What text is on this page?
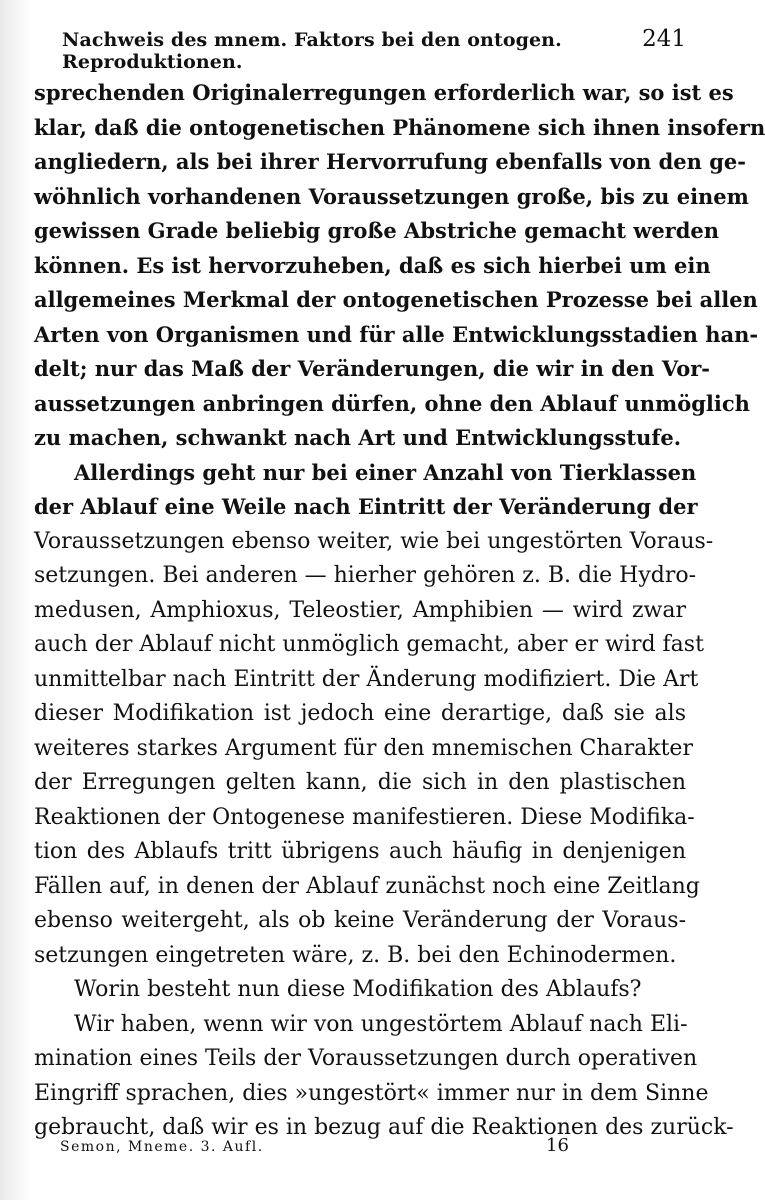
Nachweis des mnem. Faktors bei den ontogen. Reproduktionen.
241
sprechenden Originalerregungen erforderlich war, so ist es
klar, daß die ontogenetischen Phänomene sich ihnen insofern
angliedern, als bei ihrer Hervorrufung ebenfalls von den ge-
wöhnlich vorhandenen Voraussetzungen große, bis zu einem
gewissen Grade beliebig große Abstriche gemacht werden
können. Es ist hervorzuheben, daß es sich hierbei um ein
allgemeines Merkmal der ontogenetischen Prozesse bei allen
Arten von Organismen und für alle Entwicklungsstadien han-
delt; nur das Maß der Veränderungen, die wir in den Vor-
aussetzungen anbringen dürfen, ohne den Ablauf unmöglich
zu machen, schwankt nach Art und Entwicklungsstufe.
Allerdings geht nur bei einer Anzahl von Tierklassen
der Ablauf eine Weile nach Eintritt der Veränderung der
Voraussetzungen ebenso weiter, wie bei ungestörten Voraus-
setzungen. Bei anderen — hierher gehören z. B. die Hydro-
medusen, Amphioxus, Teleostier, Amphibien — wird zwar
auch der Ablauf nicht unmöglich gemacht, aber er wird fast
unmittelbar nach Eintritt der Änderung modifiziert. Die Art
dieser Modifikation ist jedoch eine derartige, daß sie als
weiteres starkes Argument für den mnemischen Charakter
der Erregungen gelten kann, die sich in den plastischen
Reaktionen der Ontogenese manifestieren. Diese Modifika-
tion des Ablaufs tritt übrigens auch häufig in denjenigen
Fällen auf, in denen der Ablauf zunächst noch eine Zeitlang
ebenso weitergeht, als ob keine Veränderung der Voraus-
setzungen eingetreten wäre, z. B. bei den Echinodermen.
Worin besteht nun diese Modifikation des Ablaufs?
Wir haben, wenn wir von ungestörtem Ablauf nach Eli-
mination eines Teils der Voraussetzungen durch operativen
Eingriff sprachen, dies »ungestört« immer nur in dem Sinne
gebraucht, daß wir es in bezug auf die Reaktionen des zurück-
Semon, Mneme. 3. Aufl.	16
